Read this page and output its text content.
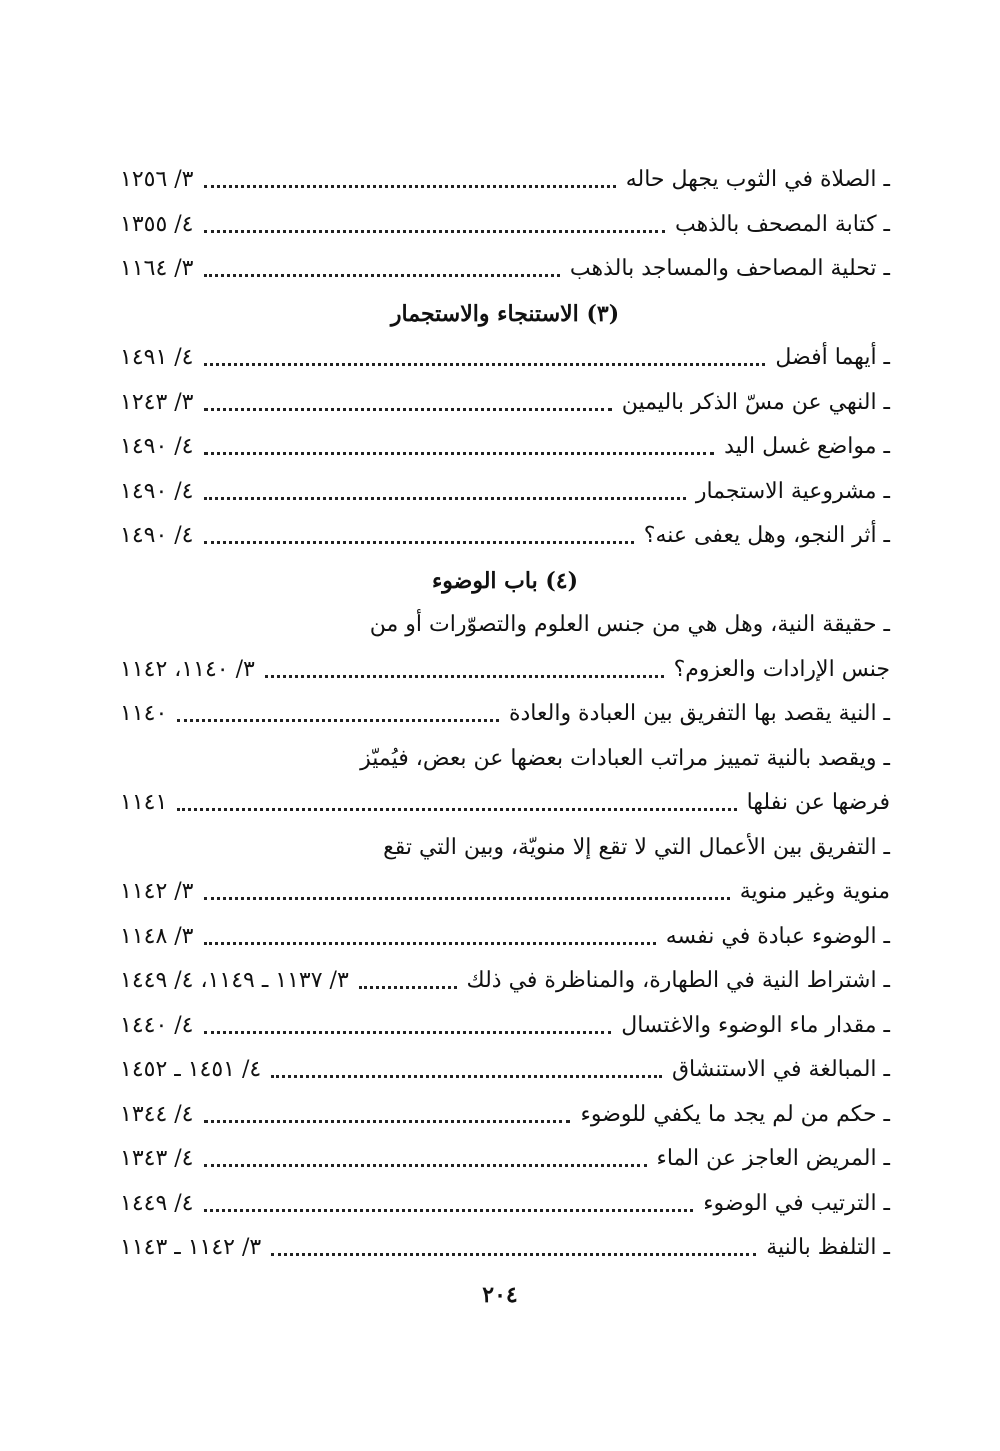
ـ الصلاة في الثوب يجهل حاله
٣/ ١٢٥٦
ـ كتابة المصحف بالذهب
٤/ ١٣٥٥
ـ تحلية المصاحف والمساجد بالذهب
٣/ ١١٦٤
(٣) الاستنجاء والاستجمار
ـ أيهما أفضل
٤/ ١٤٩١
ـ النهي عن مسّ الذكر باليمين
٣/ ١٢٤٣
ـ مواضع غسل اليد
٤/ ١٤٩٠
ـ مشروعية الاستجمار
٤/ ١٤٩٠
ـ أثر النجو، وهل يعفى عنه؟
٤/ ١٤٩٠
(٤) باب الوضوء
ـ حقيقة النية، وهل هي من جنس العلوم والتصوّرات أو من
جنس الإرادات والعزوم؟
٣/ ١١٤٠، ١١٤٢
ـ النية يقصد بها التفريق بين العبادة والعادة
١١٤٠
ـ ويقصد بالنية تمييز مراتب العبادات بعضها عن بعض، فيُميّز
فرضها عن نفلها
١١٤١
ـ التفريق بين الأعمال التي لا تقع إلا منويّة، وبين التي تقع
منوية وغير منوية
٣/ ١١٤٢
ـ الوضوء عبادة في نفسه
٣/ ١١٤٨
ـ اشتراط النية في الطهارة، والمناظرة في ذلك
٣/ ١١٣٧ ـ ١١٤٩، ٤/ ١٤٤٩
ـ مقدار ماء الوضوء والاغتسال
٤/ ١٤٤٠
ـ المبالغة في الاستنشاق
٤/ ١٤٥١ ـ ١٤٥٢
ـ حكم من لم يجد ما يكفي للوضوء
٤/ ١٣٤٤
ـ المريض العاجز عن الماء
٤/ ١٣٤٣
ـ الترتيب في الوضوء
٤/ ١٤٤٩
ـ التلفظ بالنية
٣/ ١١٤٢ ـ ١١٤٣
٢٠٤
